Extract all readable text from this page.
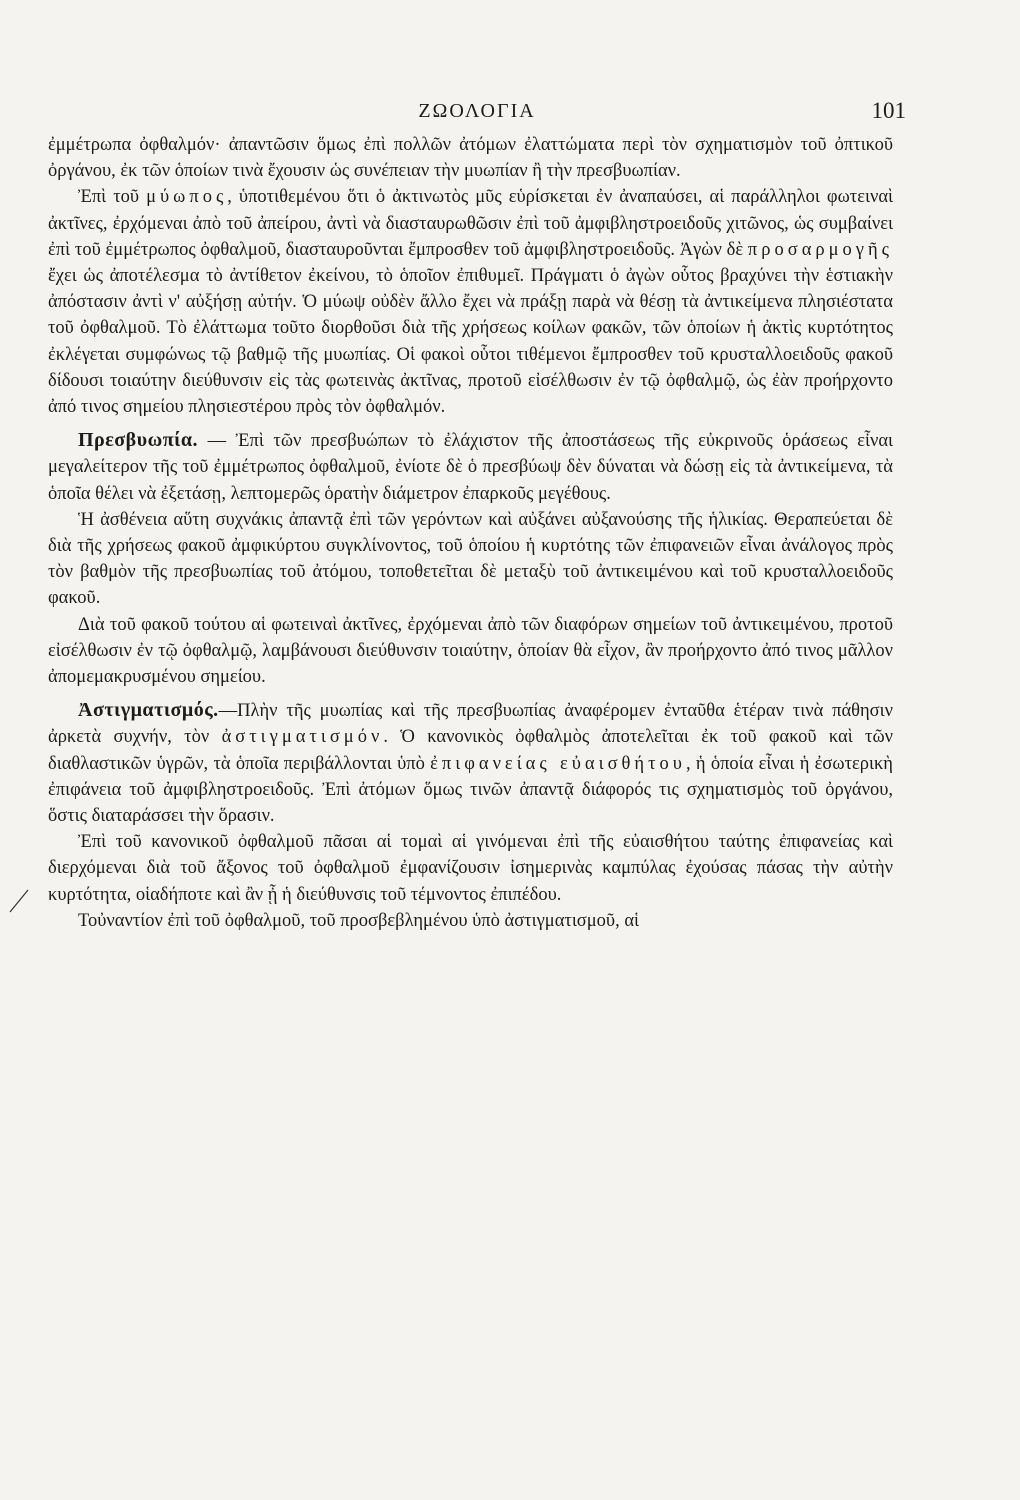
ΖΩΟΛΟΓΙΑ	101

ἐμμέτρωπα ὀφθαλμόν· ἀπαντῶσιν ὅμως ἐπὶ πολλῶν ἀτόμων ἐλαττώματα περὶ τὸν σχηματισμὸν τοῦ ὀπτικοῦ ὀργάνου, ἐκ τῶν ὁποίων τινὰ ἔχουσιν ὡς συνέπειαν τὴν μυωπίαν ἢ τὴν πρεσβυωπίαν.

Ἐπὶ τοῦ μύωπος, ὑποτιθεμένου ὅτι ὁ ἀκτινωτὸς μῦς εὑρίσκεται ἐν ἀναπαύσει, αἱ παράλληλοι φωτειναὶ ἀκτῖνες, ἐρχόμεναι ἀπὸ τοῦ ἀπείρου, ἀντὶ νὰ διασταυρωθῶσιν ἐπὶ τοῦ ἀμφιβληστροειδοῦς χιτῶνος, ὡς συμβαίνει ἐπὶ τοῦ ἐμμέτρωπος ὀφθαλμοῦ, διασταυροῦνται ἔμπροσθεν τοῦ ἀμφιβληστροειδοῦς. Ἀγὼν δὲ προσαρμογῆς ἔχει ὡς ἀποτέλεσμα τὸ ἀντίθετον ἐκείνου, τὸ ὁποῖον ἐπιθυμεῖ. Πράγματι ὁ ἀγὼν οὗτος βραχύνει τὴν ἑστιακὴν ἀπόστασιν ἀντὶ ν' αὐξήσῃ αὐτήν. Ὁ μύωψ οὐδὲν ἄλλο ἔχει νὰ πράξῃ παρὰ νὰ θέσῃ τὰ ἀντικείμενα πλησιέστατα τοῦ ὀφθαλμοῦ. Τὸ ἐλάττωμα τοῦτο διορθοῦσι διὰ τῆς χρήσεως κοίλων φακῶν, τῶν ὁποίων ἡ ἀκτὶς κυρτότητος ἐκλέγεται συμφώνως τῷ βαθμῷ τῆς μυωπίας. Οἱ φακοὶ οὗτοι τιθέμενοι ἔμπροσθεν τοῦ κρυσταλλοειδοῦς φακοῦ δίδουσι τοιαύτην διεύθυνσιν εἰς τὰς φωτεινὰς ἀκτῖνας, προτοῦ εἰσέλθωσιν ἐν τῷ ὀφθαλμῷ, ὡς ἐὰν προήρχοντο ἀπό τινος σημείου πλησιεστέρου πρὸς τὸν ὀφθαλμόν.

Πρεσβυωπία. — Ἐπὶ τῶν πρεσβυώπων τὸ ἐλάχιστον τῆς ἀποστάσεως τῆς εὐκρινοῦς ὁράσεως εἶναι μεγαλείτερον τῆς τοῦ ἐμμέτρωπος ὀφθαλμοῦ, ἐνίοτε δὲ ὁ πρεσβύωψ δὲν δύναται νὰ δώσῃ εἰς τὰ ἀντικείμενα, τὰ ὁποῖα θέλει νὰ ἐξετάσῃ, λεπτομερῶς ὁρατὴν διάμετρον ἐπαρκοῦς μεγέθους.

Ἡ ἀσθένεια αὕτη συχνάκις ἀπαντᾷ ἐπὶ τῶν γερόντων καὶ αὐξάνει αὐξανούσης τῆς ἡλικίας. Θεραπεύεται δὲ διὰ τῆς χρήσεως φακοῦ ἀμφικύρτου συγκλίνοντος, τοῦ ὁποίου ἡ κυρτότης τῶν ἐπιφανειῶν εἶναι ἀνάλογος πρὸς τὸν βαθμὸν τῆς πρεσβυωπίας τοῦ ἀτόμου, τοποθετεῖται δὲ μεταξὺ τοῦ ἀντικειμένου καὶ τοῦ κρυσταλλοειδοῦς φακοῦ.

Διὰ τοῦ φακοῦ τούτου αἱ φωτειναὶ ἀκτῖνες, ἐρχόμεναι ἀπὸ τῶν διαφόρων σημείων τοῦ ἀντικειμένου, προτοῦ εἰσέλθωσιν ἐν τῷ ὀφθαλμῷ, λαμβάνουσι διεύθυνσιν τοιαύτην, ὁποίαν θὰ εἶχον, ἂν προήρχοντο ἀπό τινος μᾶλλον ἀπομεμακρυσμένου σημείου.

Ἀστιγματισμός.—Πλὴν τῆς μυωπίας καὶ τῆς πρεσβυωπίας ἀναφέρομεν ἐνταῦθα ἑτέραν τινὰ πάθησιν ἀρκετὰ συχνήν, τὸν ἀστιγματισμόν. Ὁ κανονικὸς ὀφθαλμὸς ἀποτελεῖται ἐκ τοῦ φακοῦ καὶ τῶν διαθλαστικῶν ὑγρῶν, τὰ ὁποῖα περιβάλλονται ὑπὸ ἐπιφανείας εὐαισθήτου, ἡ ὁποία εἶναι ἡ ἐσωτερικὴ ἐπιφάνεια τοῦ ἀμφιβληστροειδοῦς. Ἐπὶ ἀτόμων ὅμως τινῶν ἀπαντᾷ διάφορός τις σχηματισμὸς τοῦ ὀργάνου, ὅστις διαταράσσει τὴν ὅρασιν.

Ἐπὶ τοῦ κανονικοῦ ὀφθαλμοῦ πᾶσαι αἱ τομαὶ αἱ γινόμεναι ἐπὶ τῆς εὐαισθήτου ταύτης ἐπιφανείας καὶ διερχόμεναι διὰ τοῦ ἄξονος τοῦ ὀφθαλμοῦ ἐμφανίζουσιν ἰσημερινὰς καμπύλας ἐχούσας πάσας τὴν αὐτὴν κυρτότητα, οἱαδήποτε καὶ ἂν ᾖ ἡ διεύθυνσις τοῦ τέμνοντος ἐπιπέδου.

Τοὐναντίον ἐπὶ τοῦ ὀφθαλμοῦ, τοῦ προσβεβλημένου ὑπὸ ἀστιγματισμοῦ, αἱ
